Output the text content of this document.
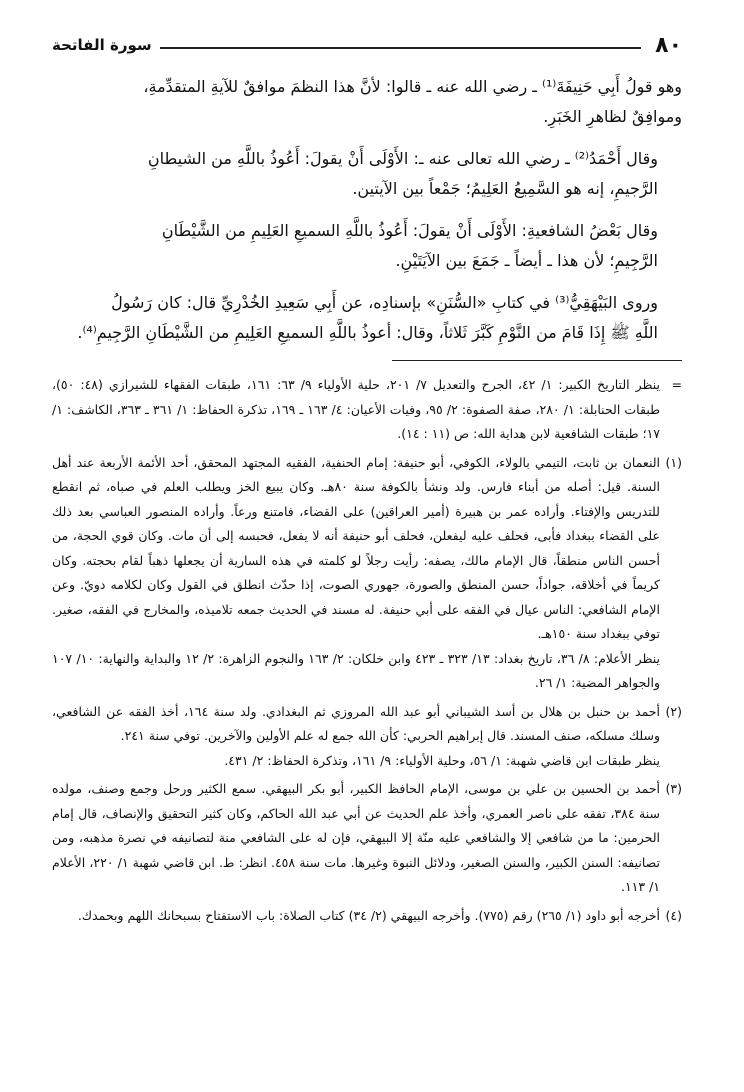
٨٠
سورة الفاتحة

وهو قولُ أَبِي حَنِيفَةَ⁽¹⁾ ـ رضي الله عنه ـ قالوا: لأنَّ هذا النظمَ موافقٌ للآيةِ المتقدِّمةِ،
وموافِقٌ لظاهرِ الخَبَرِ.

وقال أَحْمَدُ⁽²⁾ ـ رضي الله تعالى عنه ـ: الأَوْلَى أَنْ يقولَ: أَعُوذُ باللَّهِ من الشيطانِ
الرَّجيمِ، إنه هو السَّمِيعُ العَلِيمُ؛ جَمْعاً بين الآيتين.

وقال بَعْضُ الشافعيةِ: الأَوْلَى أَنْ يقولَ: أَعُوذُ باللَّهِ السميعِ العَلِيمِ من الشَّيْطَانِ
الرَّجِيمِ؛ لأن هذا ـ أيضاً ـ جَمَعَ بين الآيَتَيْنِ.

وروى البَيْهَقِيُّ⁽³⁾ في كتابِ «السُّنَنِ» بإسنادِه، عن أَبِي سَعِيدِ الخُدْرِيِّ قال: كان رَسُولُ
اللَّهِ ﷺ إِذَا قَامَ من النَّوْمِ كَبَّرَ ثَلاثاً، وقال: أعوذُ باللَّهِ السميعِ العَلِيمِ من الشَّيْطَانِ الرَّجِيمِ⁽⁴⁾.

=

ينظر التاريخ الكبير: ١/ ٤٢، الجرح والتعديل ٧/ ٢٠١، حلية الأولياء ٩/ ٦٣: ١٦١، طبقات الفقهاء للشيرازي (٤٨: ٥٠)، طبقات الحنابلة: ١/ ٢٨٠، صفة الصفوة: ٢/ ٩٥، وفيات الأعيان: ٤/ ١٦٣ ـ ١٦٩، تذكرة الحفاظ: ١/ ٣٦١ ـ ٣٦٣، الكاشف: ١/ ١٧؛ طبقات الشافعية لابن هداية الله: ص (١١ : ١٤).

(١)

النعمان بن ثابت، التيمي بالولاء، الكوفي، أبو حنيفة: إمام الحنفية، الفقيه المجتهد المحقق، أحد الأئمة الأربعة عند أهل السنة. قيل: أصله من أبناء فارس. ولد ونشأ بالكوفة سنة ٨٠هـ. وكان يبيع الخز ويطلب العلم في صباه، ثم انقطع للتدريس والإفتاء. وأراده عمر بن هبيرة (أمير العراقين) على القضاء، فامتنع ورعاً. وأراده المنصور العباسي بعد ذلك على القضاء ببغداد فأبى، فحلف عليه ليفعلن، فحلف أبو حنيفة أنه لا يفعل، فحبسه إلى أن مات. وكان قوي الحجة، من أحسن الناس منطقاً، قال الإمام مالك، يصفه: رأيت رجلاً لو كلمته في هذه السارية أن يجعلها ذهباً لقام بحجته. وكان كريماً في أخلاقه، جواداً، حسن المنطق والصورة، جهوري الصوت، إذا حدّث انطلق في القول وكان لكلامه دويّ. وعن الإمام الشافعي: الناس عيال في الفقه على أبي حنيفة. له مسند في الحديث جمعه تلاميذه، والمخارج في الفقه، صغير. توفي ببغداد سنة ١٥٠هـ.

ينظر الأعلام: ٨/ ٣٦، تاريخ بغداد: ١٣/ ٣٢٣ ـ ٤٢٣ وابن خلكان: ٢/ ١٦٣ والنجوم الزاهرة: ٢/ ١٢ والبداية والنهاية: ١٠/ ١٠٧ والجواهر المضية: ١/ ٢٦.

(٢)

أحمد بن حنبل بن هلال بن أسد الشيباني أبو عبد الله المروزي ثم البغدادي. ولد سنة ١٦٤، أخذ الفقه عن الشافعي، وسلك مسلكه، صنف المسند. قال إبراهيم الحربي: كأن الله جمع له علم الأولين والآخرين. توفي سنة ٢٤١.

ينظر طبقات ابن قاضي شهبة: ١/ ٥٦، وحلية الأولياء: ٩/ ١٦١، وتذكرة الحفاظ: ٢/ ٤٣١.

(٣)

أحمد بن الحسين بن علي بن موسى، الإمام الحافظ الكبير، أبو بكر البيهقي. سمع الكثير ورحل وجمع وصنف، مولده سنة ٣٨٤، تفقه على ناصر العمري، وأخذ علم الحديث عن أبي عبد الله الحاكم، وكان كثير التحقيق والإنصاف، قال إمام الحرمين: ما من شافعي إلا والشافعي عليه منّة إلا البيهقي، فإن له على الشافعي منة لتصانيفه في نصرة مذهبه، ومن تصانيفه: السنن الكبير، والسنن الصغير، ودلائل النبوة وغيرها. مات سنة ٤٥٨. انظر: ط. ابن قاضي شهبة ١/ ٢٢٠، الأعلام ١/ ١١٣.

(٤)

أخرجه أبو داود (١/ ٢٦٥) رقم (٧٧٥). وأخرجه البيهقي (٢/ ٣٤) كتاب الصلاة: باب الاستفتاح بسبحانك اللهم وبحمدك.
